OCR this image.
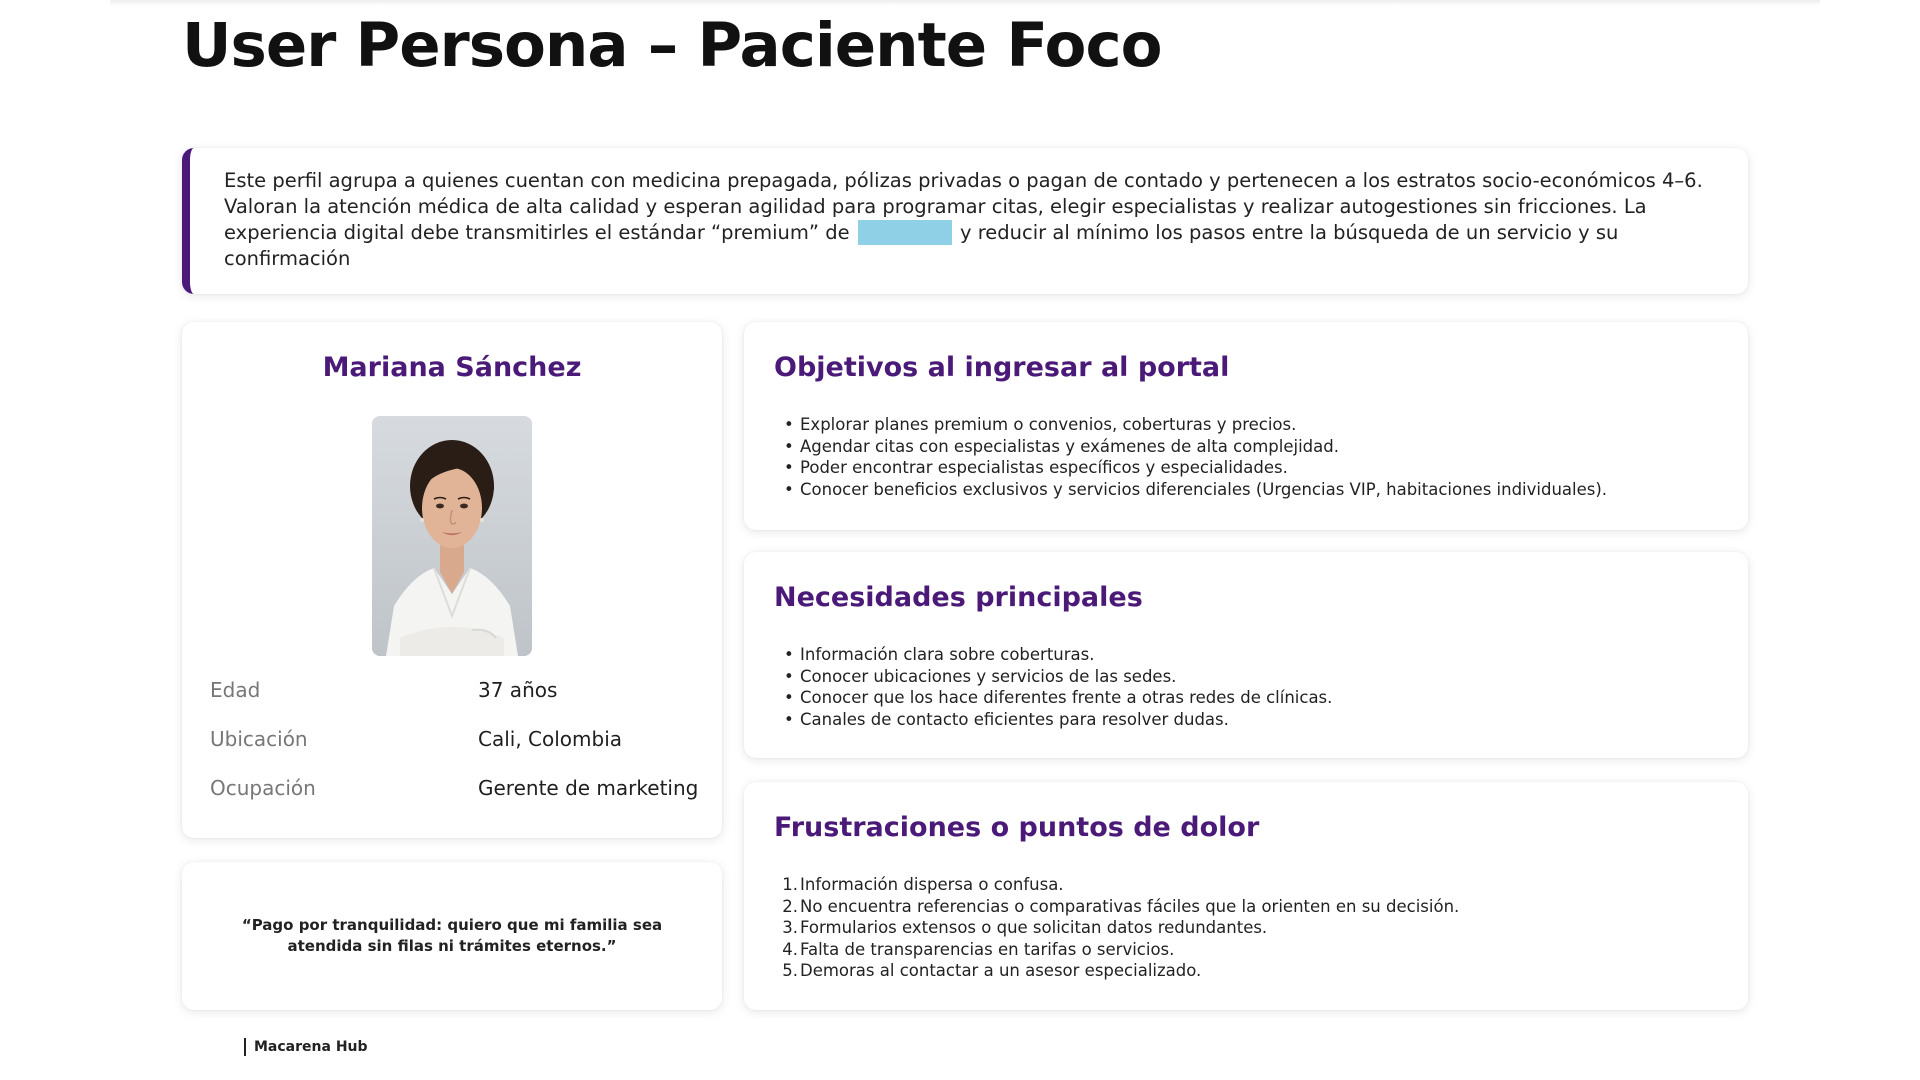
User Persona – Paciente Foco
Este perfil agrupa a quienes cuentan con medicina prepagada, pólizas privadas o pagan de contado y pertenecen a los estratos socio-económicos 4–6. Valoran la atención médica de alta calidad y esperan agilidad para programar citas, elegir especialistas y realizar autogestiones sin fricciones. La experiencia digital debe transmitirles el estándar “premium” de	y reducir al mínimo los pasos entre la búsqueda de un servicio y su confirmación
Mariana Sánchez
Edad	37 años
Ubicación	Cali, Colombia
Ocupación	Gerente de marketing
“Pago por tranquilidad: quiero que mi familia sea atendida sin filas ni trámites eternos.”
Objetivos al ingresar al portal
• Explorar planes premium o convenios, coberturas y precios.
• Agendar citas con especialistas y exámenes de alta complejidad.
• Poder encontrar especialistas específicos y especialidades.
• Conocer beneficios exclusivos y servicios diferenciales (Urgencias VIP, habitaciones individuales).
Necesidades principales
• Información clara sobre coberturas.
• Conocer ubicaciones y servicios de las sedes.
• Conocer que los hace diferentes frente a otras redes de clínicas.
• Canales de contacto eficientes para resolver dudas.
Frustraciones o puntos de dolor
1. Información dispersa o confusa.
2. No encuentra referencias o comparativas fáciles que la orienten en su decisión.
3. Formularios extensos o que solicitan datos redundantes.
4. Falta de transparencias en tarifas o servicios.
5. Demoras al contactar a un asesor especializado.
Macarena Hub
